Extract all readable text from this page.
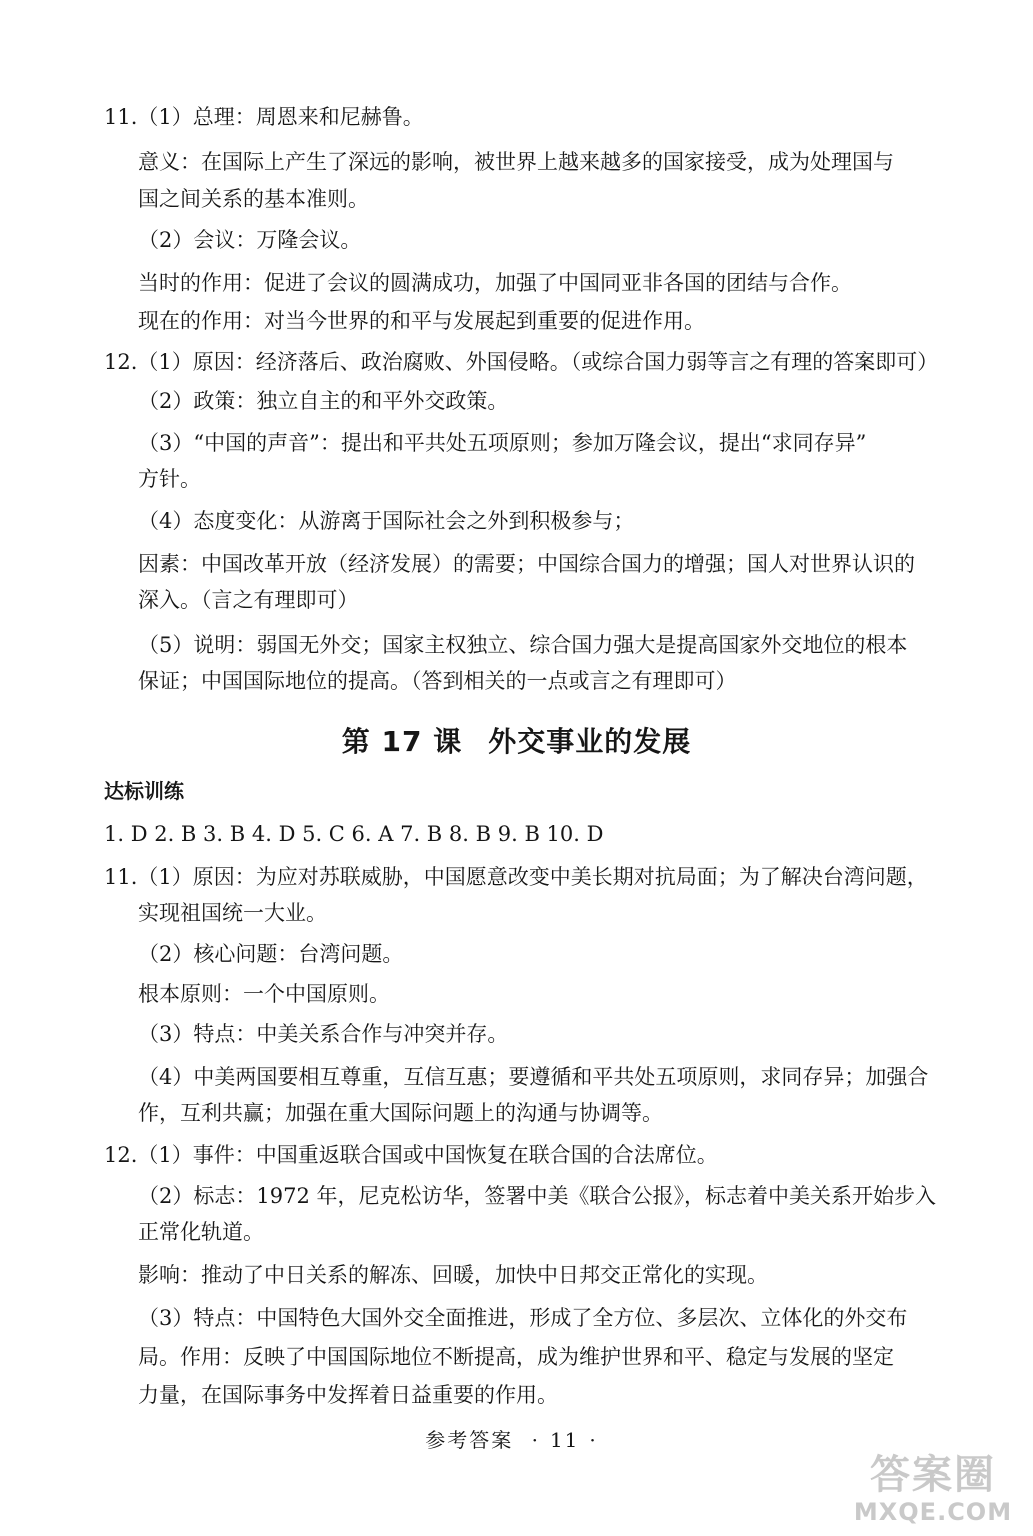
11.（1）总理：周恩来和尼赫鲁。
意义：在国际上产生了深远的影响，被世界上越来越多的国家接受，成为处理国与
国之间关系的基本准则。
（2）会议：万隆会议。
当时的作用：促进了会议的圆满成功，加强了中国同亚非各国的团结与合作。
现在的作用：对当今世界的和平与发展起到重要的促进作用。
12.（1）原因：经济落后、政治腐败、外国侵略。（或综合国力弱等言之有理的答案即可）
（2）政策：独立自主的和平外交政策。
（3）“中国的声音”：提出和平共处五项原则；参加万隆会议，提出“求同存异”
方针。
（4）态度变化：从游离于国际社会之外到积极参与；
因素：中国改革开放（经济发展）的需要；中国综合国力的增强；国人对世界认识的
深入。（言之有理即可）
（5）说明：弱国无外交；国家主权独立、综合国力强大是提高国家外交地位的根本
保证；中国国际地位的提高。（答到相关的一点或言之有理即可）
第 17 课 外交事业的发展
达标训练
1. D 2. B 3. B 4. D 5. C 6. A 7. B 8. B 9. B 10. D
11.（1）原因：为应对苏联威胁，中国愿意改变中美长期对抗局面；为了解决台湾问题，
实现祖国统一大业。
（2）核心问题：台湾问题。
根本原则：一个中国原则。
（3）特点：中美关系合作与冲突并存。
（4）中美两国要相互尊重，互信互惠；要遵循和平共处五项原则，求同存异；加强合
作，互利共赢；加强在重大国际问题上的沟通与协调等。
12.（1）事件：中国重返联合国或中国恢复在联合国的合法席位。
（2）标志：1972 年，尼克松访华，签署中美《联合公报》，标志着中美关系开始步入
正常化轨道。
影响：推动了中日关系的解冻、回暖，加快中日邦交正常化的实现。
（3）特点：中国特色大国外交全面推进，形成了全方位、多层次、立体化的外交布
局。作用：反映了中国国际地位不断提高，成为维护世界和平、稳定与发展的坚定
力量，在国际事务中发挥着日益重要的作用。
参考答案 · 11 ·
答案圈
MXQE.COM
